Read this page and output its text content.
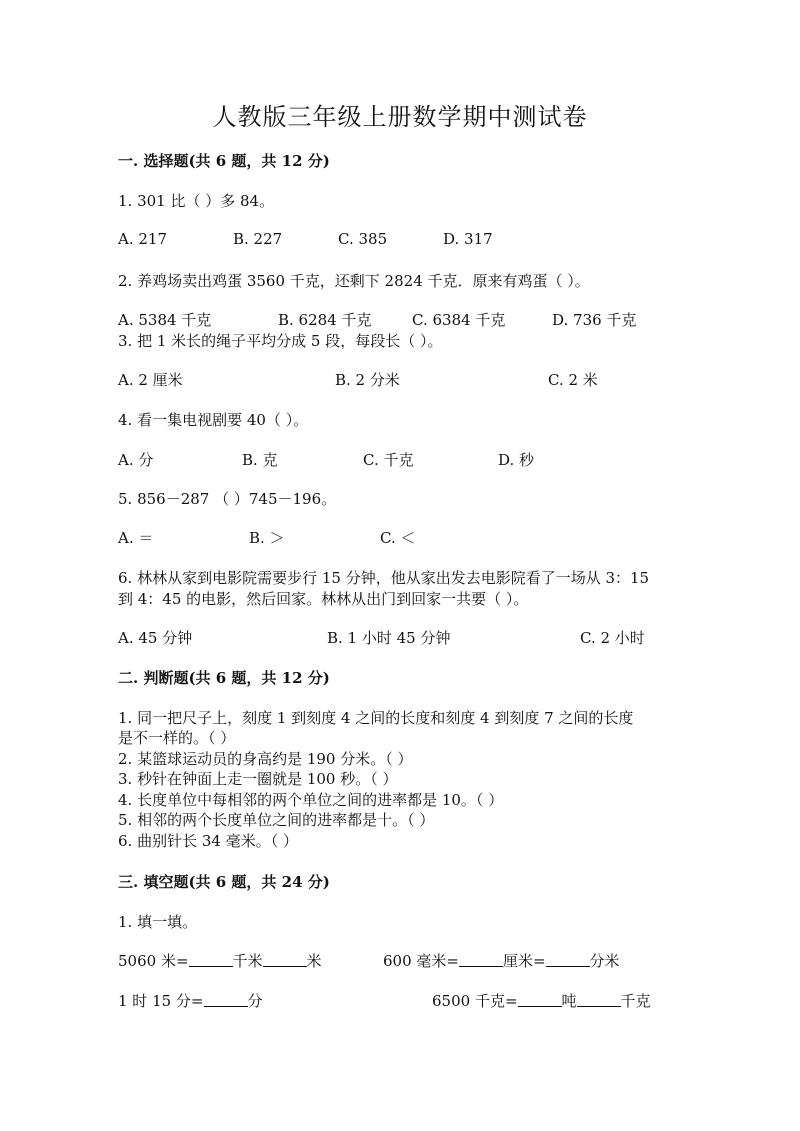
人教版三年级上册数学期中测试卷
一. 选择题(共 6 题，共 12 分)
1. 301 比（ ）多 84。
A. 217	B. 227	C. 385	D. 317
2. 养鸡场卖出鸡蛋 3560 千克，还剩下 2824 千克．原来有鸡蛋（ ）。
A. 5384 千克	B. 6284 千克	C. 6384 千克	D. 736 千克
3. 把 1 米长的绳子平均分成 5 段，每段长（ ）。
A. 2 厘米	B. 2 分米	C. 2 米
4. 看一集电视剧要 40（ ）。
A. 分	B. 克	C. 千克	D. 秒
5. 856－287 （ ）745－196。
A. ＝	B. ＞	C. ＜
6. 林林从家到电影院需要步行 15 分钟，他从家出发去电影院看了一场从 3：15
到 4：45 的电影，然后回家。林林从出门到回家一共要（ ）。
A. 45 分钟	B. 1 小时 45 分钟	C. 2 小时
二. 判断题(共 6 题，共 12 分)
1. 同一把尺子上，刻度 1 到刻度 4 之间的长度和刻度 4 到刻度 7 之间的长度
是不一样的。（ ）
2. 某篮球运动员的身高约是 190 分米。（ ）
3. 秒针在钟面上走一圈就是 100 秒。（ ）
4. 长度单位中每相邻的两个单位之间的进率都是 10。（ ）
5. 相邻的两个长度单位之间的进率都是十。（ ）
6. 曲别针长 34 毫米。（ ）
三. 填空题(共 6 题，共 24 分)
1. 填一填。
5060 米=	千米	米	600 毫米=	厘米=	分米
1 时 15 分=	分	6500 千克=	吨	千克
